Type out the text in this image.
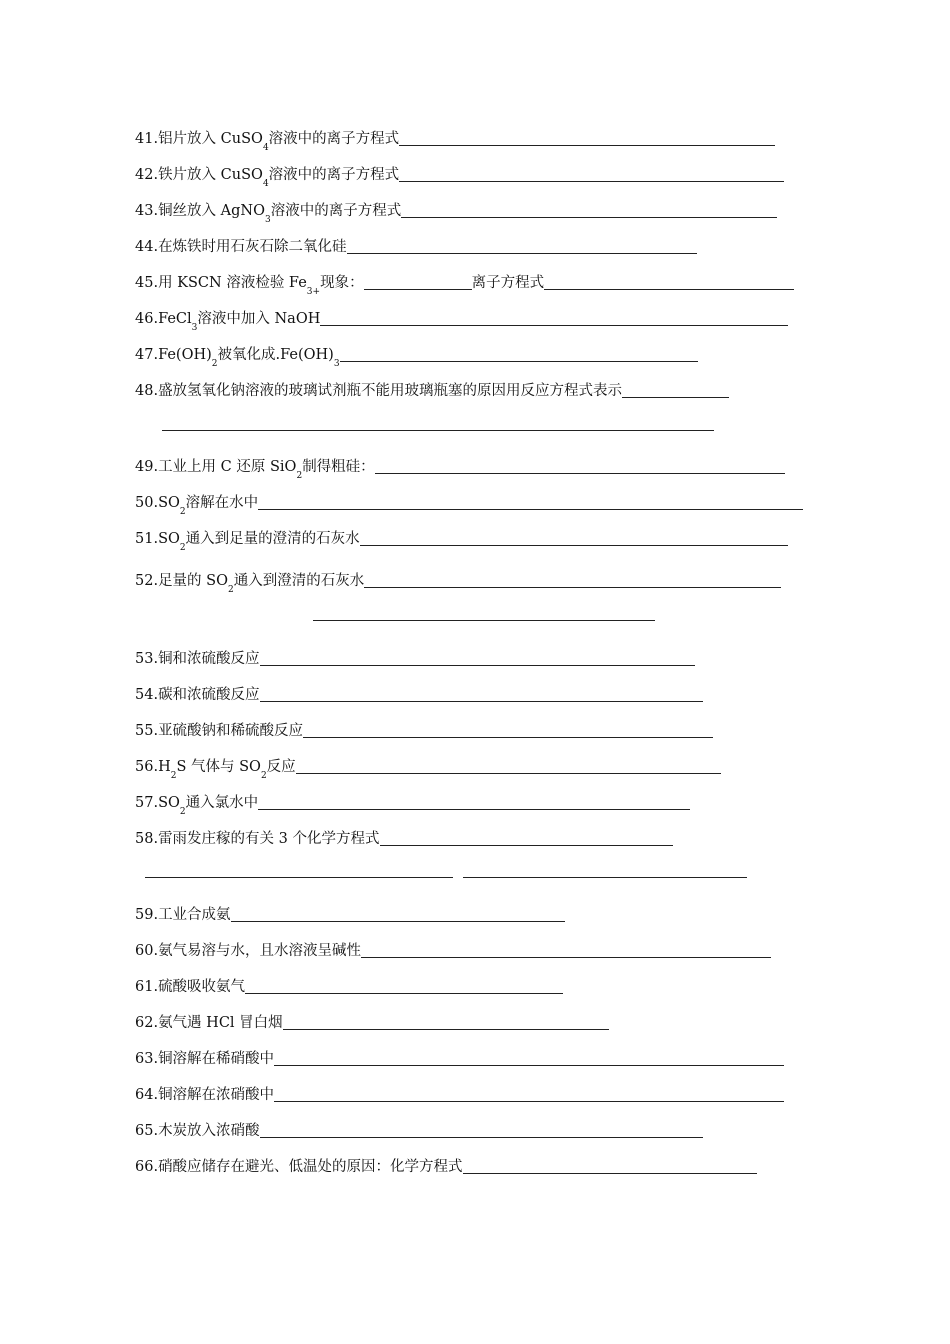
41. 铝片放入 CuSO
4
溶液中的离子方程式
42. 铁片放入 CuSO
4
溶液中的离子方程式
43. 铜丝放入 AgNO
3
溶液中的离子方程式
44. 在炼铁时用石灰石除二氧化硅
45. 用 KSCN 溶液检验 Fe
3+
现象：	离子方程式
46. FeCl
3
溶液中加入 NaOH
47. Fe(OH)
2
被氧化成.Fe(OH)
3
48. 盛放氢氧化钠溶液的玻璃试剂瓶不能用玻璃瓶塞的原因用反应方程式表示
49. 工业上用 C 还原 SiO
2
制得粗硅：
50. SO
2
溶解在水中
51. SO
2
通入到足量的澄清的石灰水
52. 足量的 SO
2
通入到澄清的石灰水
53. 铜和浓硫酸反应
54. 碳和浓硫酸反应
55. 亚硫酸钠和稀硫酸反应
56. H
2
S 气体与 SO
2
反应
57. SO
2
通入氯水中
58. 雷雨发庄稼的有关 3 个化学方程式
59. 工业合成氨
60. 氨气易溶与水，且水溶液呈碱性
61. 硫酸吸收氨气
62. 氨气遇 HCl 冒白烟
63. 铜溶解在稀硝酸中
64. 铜溶解在浓硝酸中
65. 木炭放入浓硝酸
66. 硝酸应储存在避光、低温处的原因：化学方程式
